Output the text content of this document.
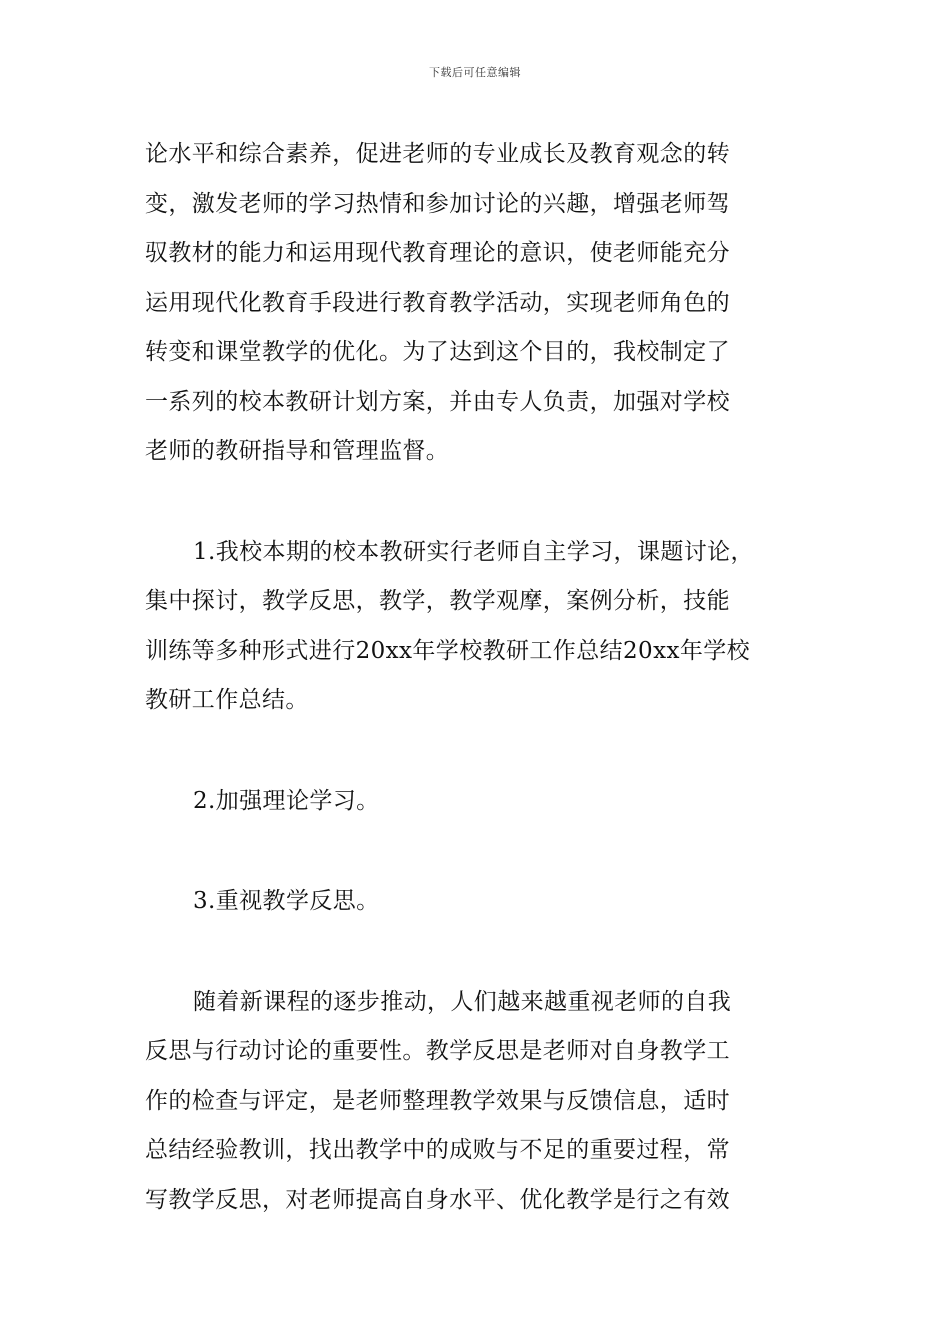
下载后可任意编辑
论水平和综合素养，促进老师的专业成长及教育观念的转
变，激发老师的学习热情和参加讨论的兴趣，增强老师驾
驭教材的能力和运用现代教育理论的意识，使老师能充分
运用现代化教育手段进行教育教学活动，实现老师角色的
转变和课堂教学的优化。为了达到这个目的，我校制定了
一系列的校本教研计划方案，并由专人负责，加强对学校
老师的教研指导和管理监督。
1.我校本期的校本教研实行老师自主学习，课题讨论，
集中探讨，教学反思，教学，教学观摩，案例分析，技能
训练等多种形式进行20xx年学校教研工作总结20xx年学校
教研工作总结。
2.加强理论学习。
3.重视教学反思。
随着新课程的逐步推动，人们越来越重视老师的自我
反思与行动讨论的重要性。教学反思是老师对自身教学工
作的检查与评定，是老师整理教学效果与反馈信息，适时
总结经验教训，找出教学中的成败与不足的重要过程，常
写教学反思，对老师提高自身水平、优化教学是行之有效
